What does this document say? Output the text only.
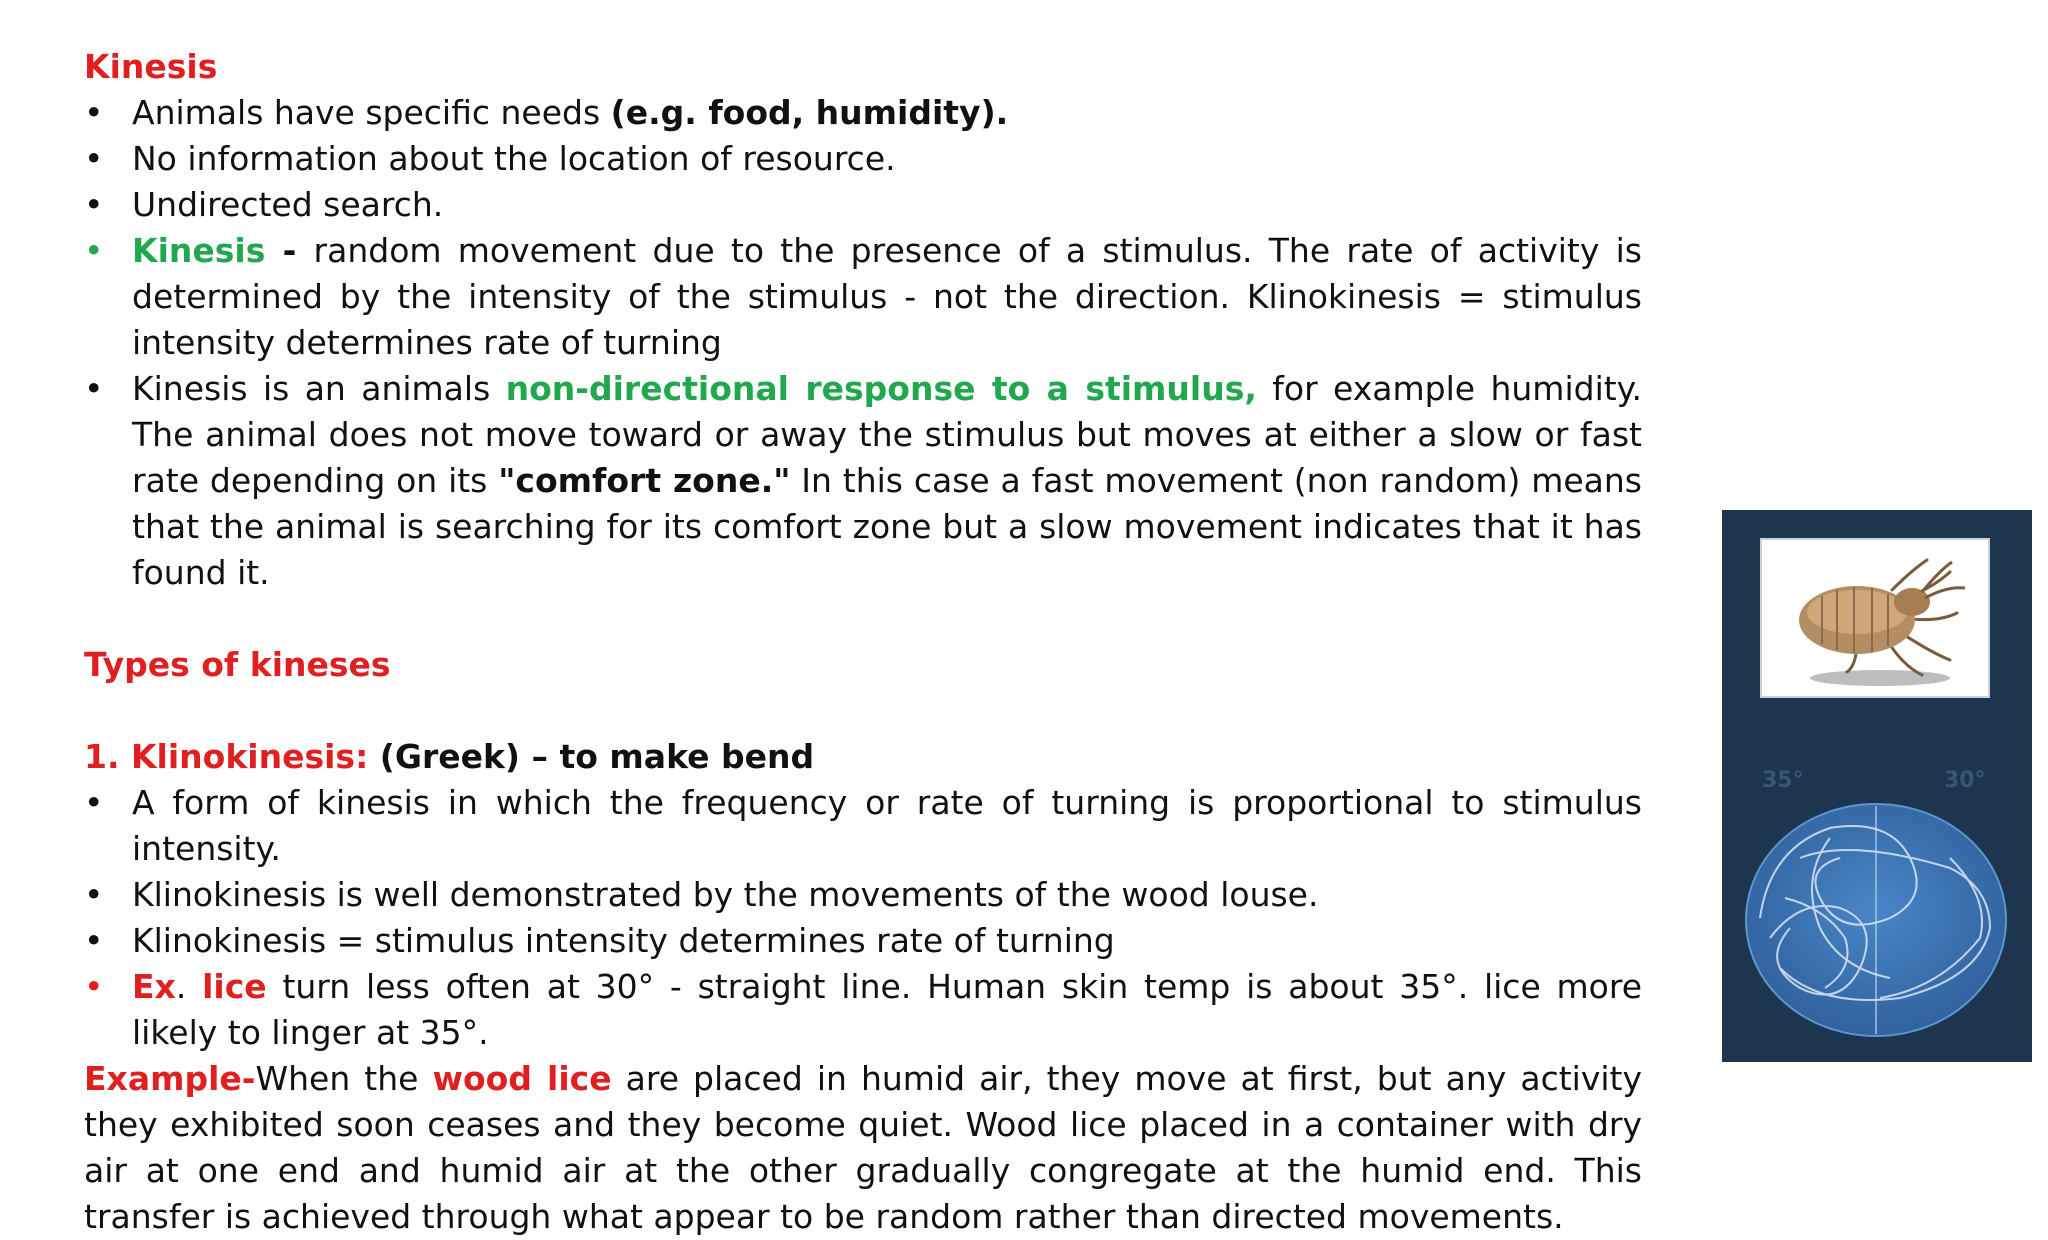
Kinesis

• Animals have specific needs (e.g. food, humidity).
• No information about the location of resource.
• Undirected search.
• Kinesis - random movement due to the presence of a stimulus. The rate of activity is determined by the intensity of the stimulus - not the direction. Klinokinesis = stimulus intensity determines rate of turning
• Kinesis is an animals non-directional response to a stimulus, for example humidity. The animal does not move toward or away the stimulus but moves at either a slow or fast rate depending on its "comfort zone." In this case a fast movement (non random) means that the animal is searching for its comfort zone but a slow movement indicates that it has found it.

Types of kineses

1. Klinokinesis: (Greek) – to make bend

• A form of kinesis in which the frequency or rate of turning is proportional to stimulus intensity.
• Klinokinesis is well demonstrated by the movements of the wood louse.
• Klinokinesis = stimulus intensity determines rate of turning
• Ex. lice turn less often at 30° - straight line. Human skin temp is about 35°. lice more likely to linger at 35°.

Example-When the wood lice are placed in humid air, they move at first, but any activity they exhibited soon ceases and they become quiet. Wood lice placed in a container with dry air at one end and humid air at the other gradually congregate at the humid end. This transfer is achieved through what appear to be random rather than directed movements.

35°	30°
